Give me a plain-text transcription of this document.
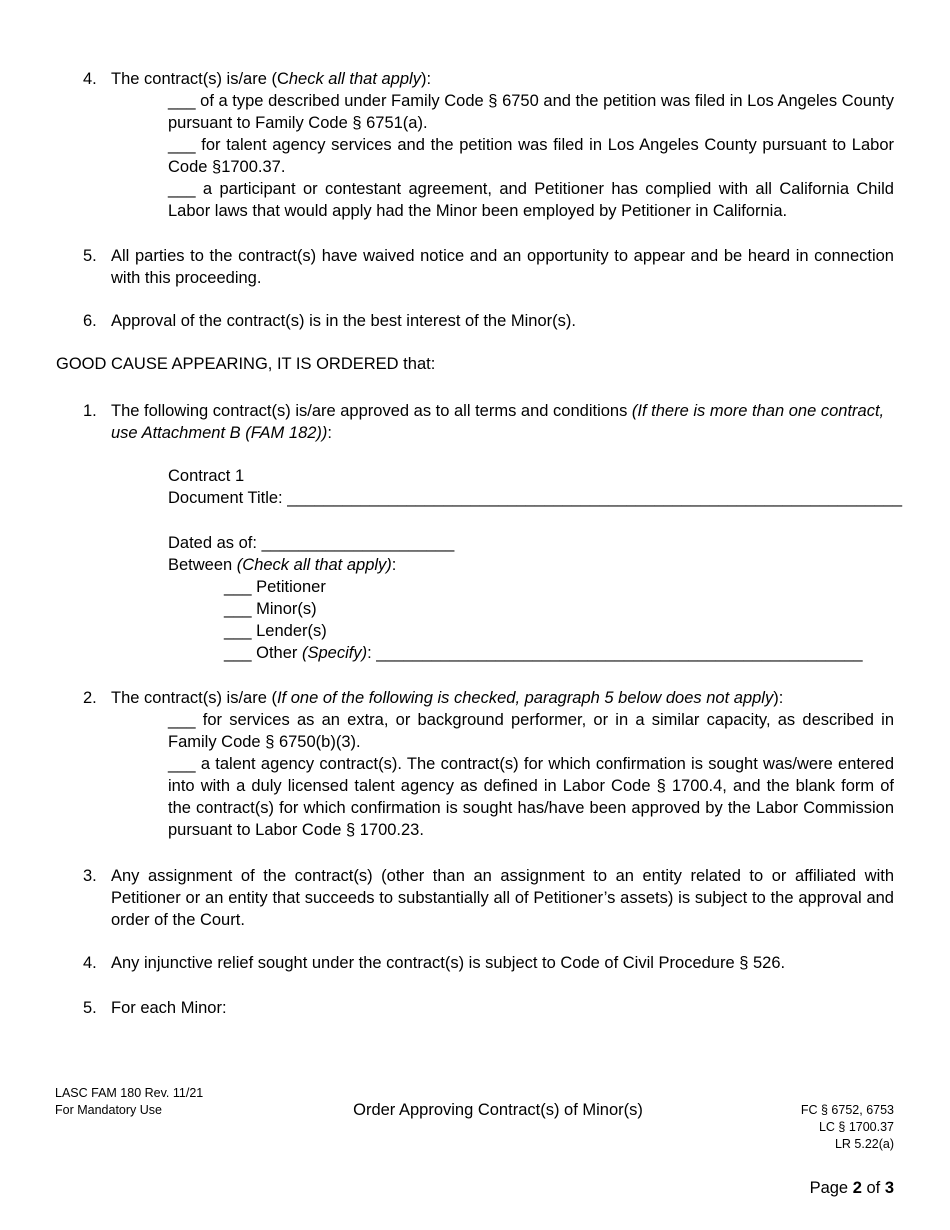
4. The contract(s) is/are (Check all that apply):
___ of a type described under Family Code § 6750 and the petition was filed in Los Angeles County pursuant to Family Code § 6751(a).
___ for talent agency services and the petition was filed in Los Angeles County pursuant to Labor Code §1700.37.
___ a participant or contestant agreement, and Petitioner has complied with all California Child Labor laws that would apply had the Minor been employed by Petitioner in California.
5. All parties to the contract(s) have waived notice and an opportunity to appear and be heard in connection with this proceeding.
6. Approval of the contract(s) is in the best interest of the Minor(s).
GOOD CAUSE APPEARING, IT IS ORDERED that:
1. The following contract(s) is/are approved as to all terms and conditions (If there is more than one contract, use Attachment B (FAM 182)):
Contract 1
Document Title: ___________________________________________________________________
Dated as of: _____________________
Between (Check all that apply):
___ Petitioner
___ Minor(s)
___ Lender(s)
___ Other (Specify): _____________________________________________________
2. The contract(s) is/are (If one of the following is checked, paragraph 5 below does not apply):
___ for services as an extra, or background performer, or in a similar capacity, as described in Family Code § 6750(b)(3).
___ a talent agency contract(s). The contract(s) for which confirmation is sought was/were entered into with a duly licensed talent agency as defined in Labor Code § 1700.4, and the blank form of the contract(s) for which confirmation is sought has/have been approved by the Labor Commission pursuant to Labor Code § 1700.23.
3. Any assignment of the contract(s) (other than an assignment to an entity related to or affiliated with Petitioner or an entity that succeeds to substantially all of Petitioner’s assets) is subject to the approval and order of the Court.
4. Any injunctive relief sought under the contract(s) is subject to Code of Civil Procedure § 526.
5. For each Minor:
LASC FAM 180 Rev. 11/21
For Mandatory Use	Order Approving Contract(s) of Minor(s)	FC § 6752, 6753
LC § 1700.37
LR 5.22(a)
Page 2 of 3
